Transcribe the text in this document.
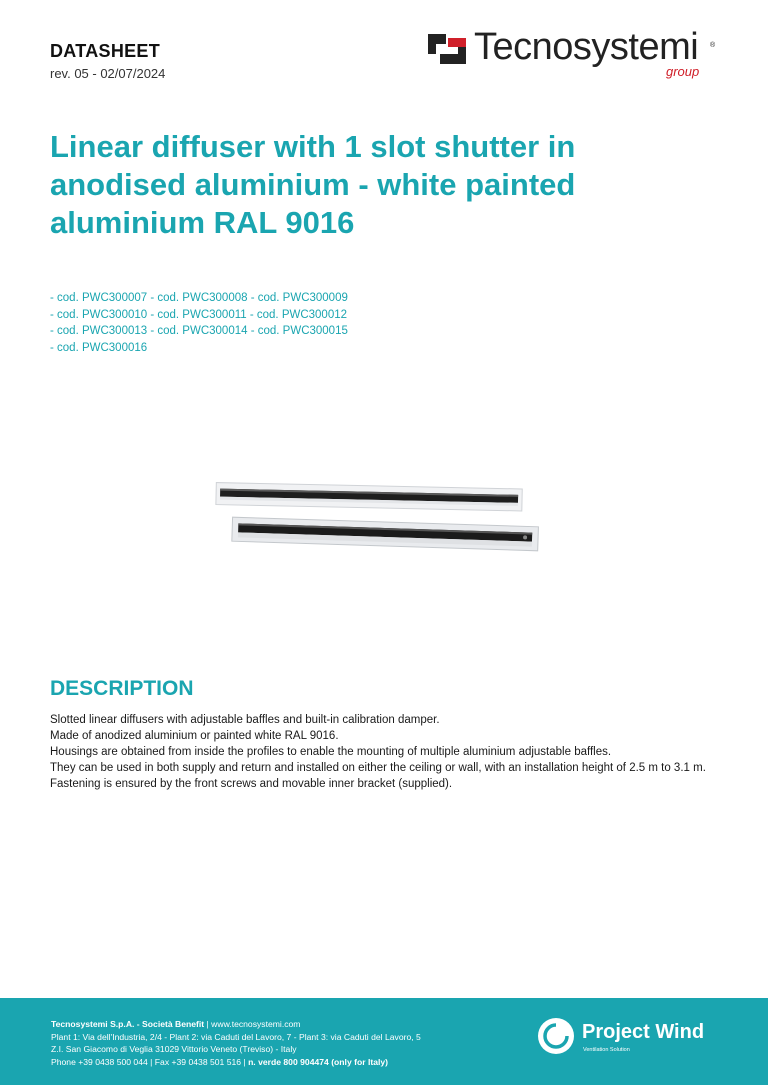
DATASHEET
rev. 05 - 02/07/2024
Tecnosystemi ®
group
Linear diffuser with 1 slot shutter in anodised aluminium - white painted aluminium RAL 9016
- cod. PWC300007 - cod. PWC300008 - cod. PWC300009
- cod. PWC300010 - cod. PWC300011 - cod. PWC300012
- cod. PWC300013 - cod. PWC300014 - cod. PWC300015
- cod. PWC300016
DESCRIPTION
Slotted linear diffusers with adjustable baffles and built-in calibration damper.
Made of anodized aluminium or painted white RAL 9016.
Housings are obtained from inside the profiles to enable the mounting of multiple aluminium adjustable baffles.
They can be used in both supply and return and installed on either the ceiling or wall, with an installation height of 2.5 m to 3.1 m.
Fastening is ensured by the front screws and movable inner bracket (supplied).
Tecnosystemi S.p.A. - Società Benefit | www.tecnosystemi.com
Plant 1: Via dell'Industria, 2/4 - Plant 2: via Caduti del Lavoro, 7 - Plant 3: via Caduti del Lavoro, 5
Z.I. San Giacomo di Veglia 31029 Vittorio Veneto (Treviso) - Italy
Phone +39 0438 500 044 | Fax +39 0438 501 516 | n. verde 800 904474 (only for Italy)
Project Wind
Ventilation Solution
